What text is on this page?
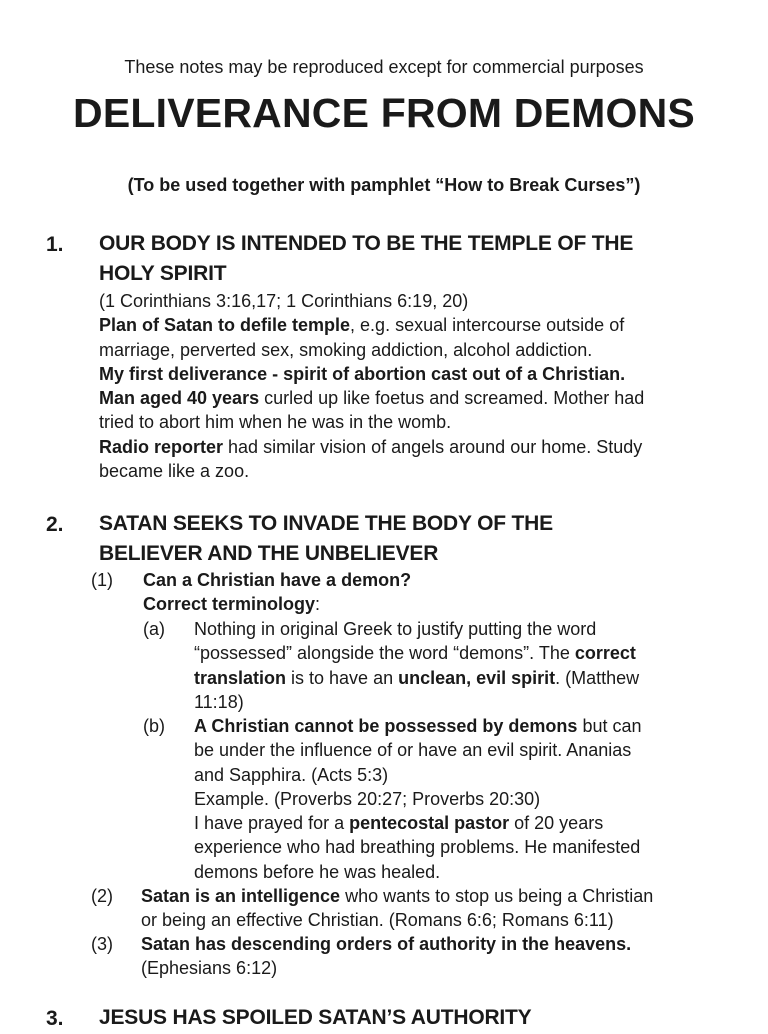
These notes may be reproduced except for commercial purposes
DELIVERANCE FROM DEMONS
(To be used together with pamphlet “How to Break Curses”)
1. OUR BODY IS INTENDED TO BE THE TEMPLE OF THE
HOLY SPIRIT

(1 Corinthians 3:16,17; 1 Corinthians 6:19, 20)

Plan of Satan to defile temple, e.g. sexual intercourse outside of

marriage, perverted sex, smoking addiction, alcohol addiction.

My first deliverance - spirit of abortion cast out of a Christian.

Man aged 40 years curled up like foetus and screamed. Mother had

tried to abort him when he was in the womb.

Radio reporter had similar vision of angels around our home. Study

became like a zoo.

2. SATAN SEEKS TO INVADE THE BODY OF THE
BELIEVER AND THE UNBELIEVER
(1) Can a Christian have a demon?

Correct terminology:

(a) Nothing in original Greek to justify putting the word

“possessed” alongside the word “demons”. The correct

translation is to have an unclean, evil spirit. (Matthew

11:18)

(b) A Christian cannot be possessed by demons but can

be under the influence of or have an evil spirit. Ananias

and Sapphira. (Acts 5:3)

Example. (Proverbs 20:27; Proverbs 20:30)

I have prayed for a pentecostal pastor of 20 years

experience who had breathing problems. He manifested

demons before he was healed.

(2) Satan is an intelligence who wants to stop us being a Christian

or being an effective Christian. (Romans 6:6; Romans 6:11)

(3) Satan has descending orders of authority in the heavens.

(Ephesians 6:12)

3. JESUS HAS SPOILED SATAN’S AUTHORITY
